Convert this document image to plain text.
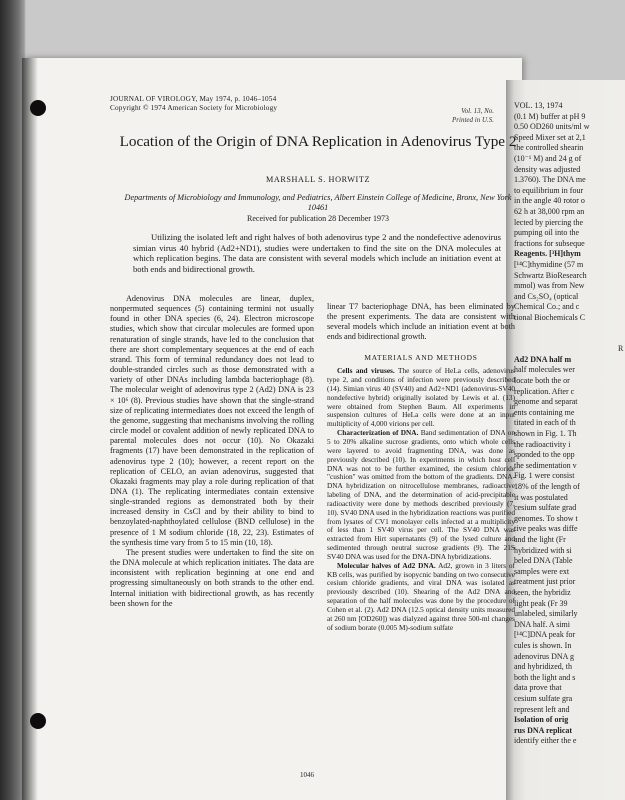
VOL. 13, 1974
(0.1 M) buffer at pH 9
0.50 OD260 units/ml w
Speed Mixer set at 2,1
the controlled shearin
(10⁻¹ M) and 24 g of
density was adjusted
1.3760). The DNA me
to equilibrium in four
in the angle 40 rotor o
62 h at 38,000 rpm an
lected by piercing the
pumping oil into the
fractions for subseque
Reagents. [³H]thym
[¹⁴C]thymidine (57 m
Schwartz BioResearch
mmol) was from New
and Cs₂SO₄ (optical
Chemical Co.; and c
tional Biochemicals C
R
Ad2 DNA half m
half molecules wer
locate both the or
replication. After c
genome and separat
ents containing me
titated in each of th
shown in Fig. 1. Th
the radioactivity i
sponded to the opp
the sedimentation v
Fig. 1 were consist
18% of the length of
it was postulated
cesium sulfate grad
genomes. To show t
tive peaks was diffe
and the light (Fr
hybridized with si
beled DNA (Table
samples were ext
treatment just prior
seen, the hybridiz
light peak (Fr 39
unlabeled, similarly
DNA half. A simi
[¹⁴C]DNA peak for
cules is shown. In
adenovirus DNA g
and hybridized, th
both the light and s
data prove that
cesium sulfate gra
represent left and
Isolation of orig
rus DNA replicat
identify either the e
JOURNAL OF VIROLOGY, May 1974, p. 1046–1054
Copyright © 1974 American Society for Microbiology	Vol. 13, No.
Printed in U.S.
Location of the Origin of DNA Replication in Adenovirus Type 2
MARSHALL S. HORWITZ
Departments of Microbiology and Immunology, and Pediatrics, Albert Einstein College of Medicine, Bronx, New York 10461
Received for publication 28 December 1973
Utilizing the isolated left and right halves of both adenovirus type 2 and the nondefective adenovirus simian virus 40 hybrid (Ad2+ND1), studies were undertaken to find the site on the DNA molecules at which replication begins. The data are consistent with several models which include an initiation event at both ends and bidirectional growth.

Adenovirus DNA molecules are linear, duplex, nonpermuted sequences (5) containing termini not usually found in other DNA species (6, 24). Electron microscope studies, which show that circular molecules are formed upon renaturation of single strands, have led to the conclusion that there are short complementary sequences at the end of each strand. This form of terminal redundancy does not lead to double-stranded circles such as those demonstrated with a variety of other DNAs including lambda bacteriophage (8). The molecular weight of adenovirus type 2 (Ad2) DNA is 23 × 10⁶ (8). Previous studies have shown that the single-strand size of replicating intermediates does not exceed the length of the genome, suggesting that mechanisms involving the rolling circle model or covalent addition of newly replicated DNA to parental molecules does not occur (10). No Okazaki fragments (17) have been demonstrated in the replication of adenovirus type 2 (10); however, a recent report on the replication of CELO, an avian adenovirus, suggested that Okazaki fragments may play a role during replication of that DNA (1). The replicating intermediates contain extensive single-stranded regions as demonstrated both by their increased density in CsCl and by their ability to bind to benzoylated-naphthoylated cellulose (BND cellulose) in the presence of 1 M sodium chloride (18, 22, 23). Estimates of the synthesis time vary from 5 to 15 min (10, 18).

The present studies were undertaken to find the site on the DNA molecule at which replication initiates. The data are inconsistent with replication beginning at one end and progressing simultaneously on both strands to the other end. Internal initiation with bidirectional growth, as has recently been shown for the

linear T7 bacteriophage DNA, has been eliminated by the present experiments. The data are consistent with several models which include an initiation event at both ends and bidirectional growth.

MATERIALS AND METHODS

Cells and viruses. The source of HeLa cells, adenovirus type 2, and conditions of infection were previously described (14). Simian virus 40 (SV40) and Ad2+ND1 (adenovirus-SV40 nondefective hybrid) originally isolated by Lewis et al. (13) were obtained from Stephen Baum. All experiments in suspension cultures of HeLa cells were done at an input multiplicity of 4,000 virions per cell.

Characterization of DNA. Band sedimentation of DNA on 5 to 20% alkaline sucrose gradients, onto which whole cells were layered to avoid fragmenting DNA, was done as previously described (10). In experiments in which host cell DNA was not to be further examined, the cesium chloride "cushion" was omitted from the bottom of the gradients. DNA-DNA hybridization on nitrocellulose membranes, radioactive labeling of DNA, and the determination of acid-precipitable radioactivity were done by methods described previously (7, 10). SV40 DNA used in the hybridization reactions was purified from lysates of CV1 monolayer cells infected at a multiplicity of less than 1 SV40 virus per cell. The SV40 DNA was extracted from Hirt supernatants (9) of the lysed culture and sedimented through neutral sucrose gradients (9). The 21S SV40 DNA was used for the DNA-DNA hybridizations.

Molecular halves of Ad2 DNA. Ad2, grown in 3 liters of KB cells, was purified by isopycnic banding on two consecutive cesium chloride gradients, and viral DNA was isolated as previously described (10). Shearing of the Ad2 DNA and separation of the half molecules was done by the procedure of Cohen et al. (2). Ad2 DNA (12.5 optical density units measured at 260 nm [OD260]) was dialyzed against three 500-ml changes of sodium borate (0.005 M)-sodium sulfate

1046
